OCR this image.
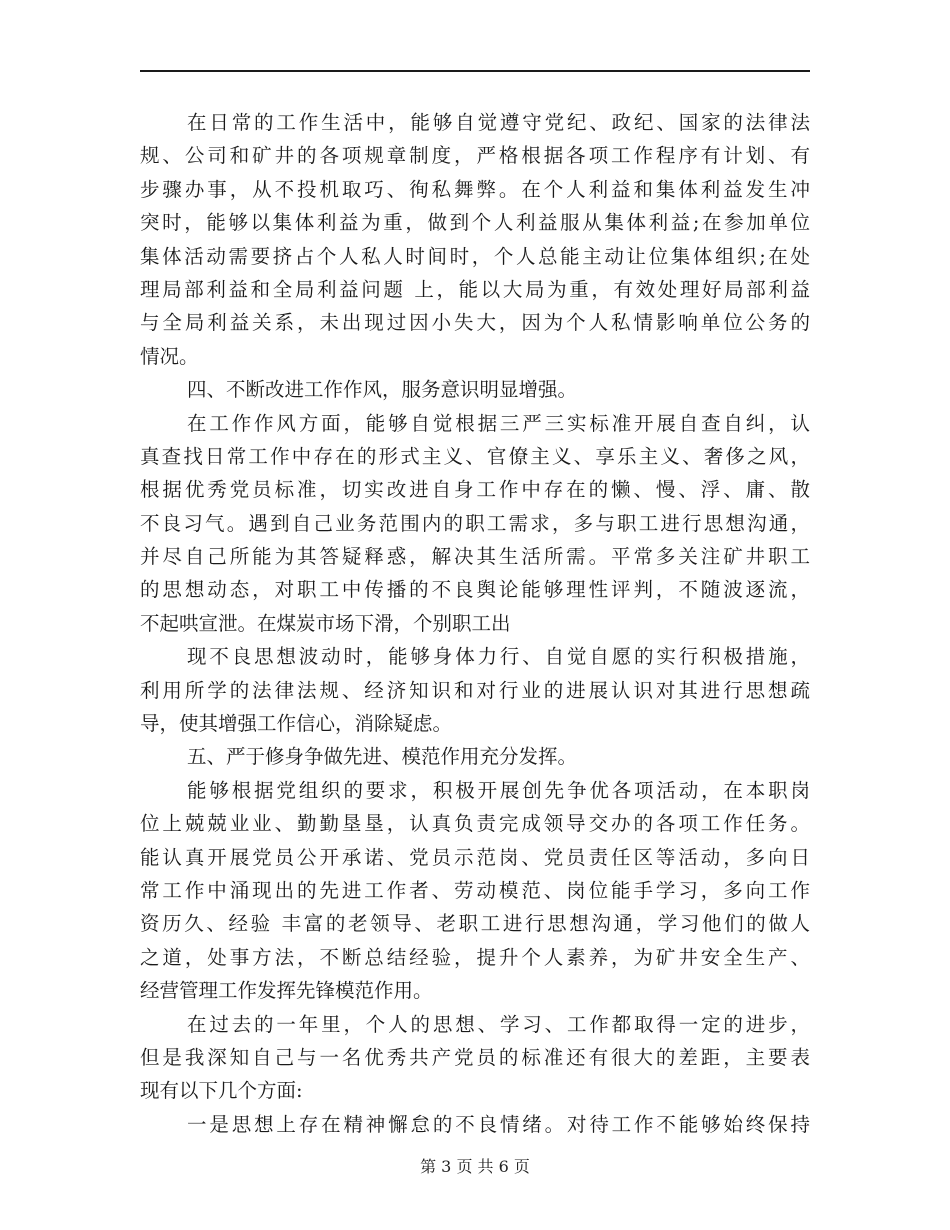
在日常的工作生活中，能够自觉遵守党纪、政纪、国家的法律法
规、公司和矿井的各项规章制度，严格根据各项工作程序有计划、有
步骤办事，从不投机取巧、徇私舞弊。在个人利益和集体利益发生冲
突时，能够以集体利益为重，做到个人利益服从集体利益;在参加单位
集体活动需要挤占个人私人时间时，个人总能主动让位集体组织;在处
理局部利益和全局利益问题 上，能以大局为重，有效处理好局部利益
与全局利益关系，未出现过因小失大，因为个人私情影响单位公务的
情况。
四、不断改进工作作风，服务意识明显增强。
在工作作风方面，能够自觉根据三严三实标准开展自查自纠，认
真查找日常工作中存在的形式主义、官僚主义、享乐主义、奢侈之风，
根据优秀党员标准，切实改进自身工作中存在的懒、慢、浮、庸、散
不良习气。遇到自己业务范围内的职工需求，多与职工进行思想沟通，
并尽自己所能为其答疑释惑，解决其生活所需。平常多关注矿井职工
的思想动态，对职工中传播的不良舆论能够理性评判，不随波逐流，
不起哄宣泄。在煤炭市场下滑，个别职工出
现不良思想波动时，能够身体力行、自觉自愿的实行积极措施，
利用所学的法律法规、经济知识和对行业的进展认识对其进行思想疏
导，使其增强工作信心，消除疑虑。
五、严于修身争做先进、模范作用充分发挥。
能够根据党组织的要求，积极开展创先争优各项活动，在本职岗
位上兢兢业业、勤勤垦垦，认真负责完成领导交办的各项工作任务。
能认真开展党员公开承诺、党员示范岗、党员责任区等活动，多向日
常工作中涌现出的先进工作者、劳动模范、岗位能手学习，多向工作
资历久、经验 丰富的老领导、老职工进行思想沟通，学习他们的做人
之道，处事方法，不断总结经验，提升个人素养，为矿井安全生产、
经营管理工作发挥先锋模范作用。
在过去的一年里，个人的思想、学习、工作都取得一定的进步，
但是我深知自己与一名优秀共产党员的标准还有很大的差距，主要表
现有以下几个方面:
一是思想上存在精神懈怠的不良情绪。对待工作不能够始终保持
第 3 页 共 6 页
